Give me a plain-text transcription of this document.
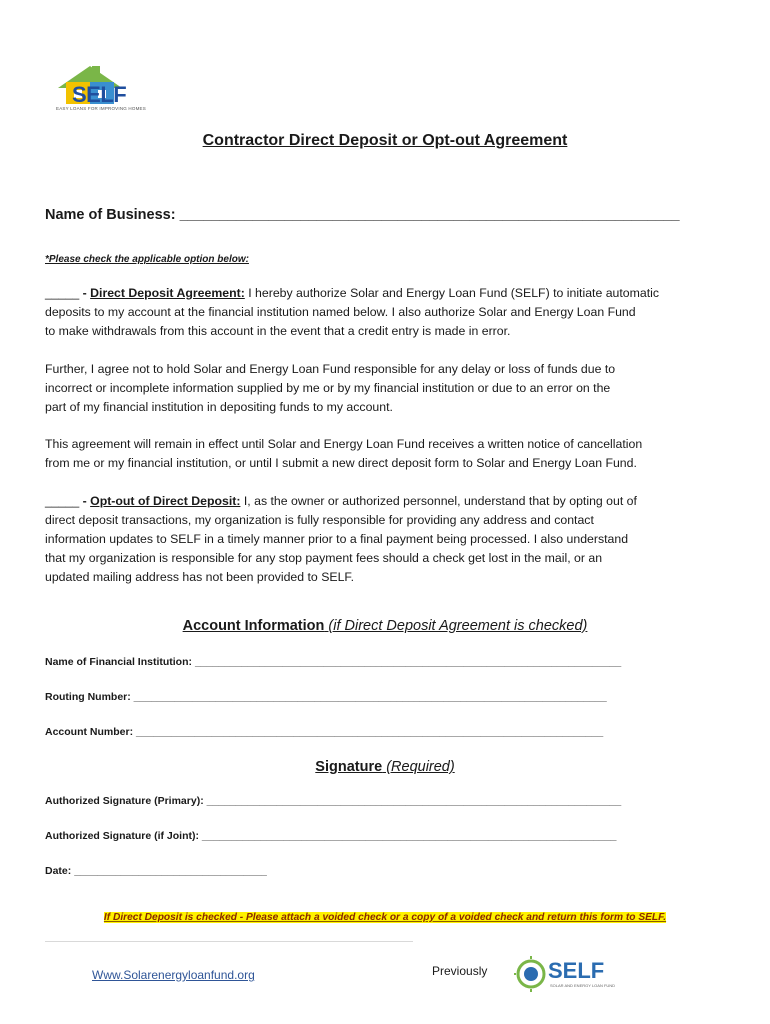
SELF
EASY LOANS FOR IMPROVING HOMES
Contractor Direct Deposit or Opt-out Agreement
Name of Business: ______________________________________________________________
*Please check the applicable option below:
_____ - Direct Deposit Agreement: I hereby authorize Solar and Energy Loan Fund (SELF) to initiate automatic
deposits to my account at the financial institution named below. I also authorize Solar and Energy Loan Fund
to make withdrawals from this account in the event that a credit entry is made in error.
Further, I agree not to hold Solar and Energy Loan Fund responsible for any delay or loss of funds due to
incorrect or incomplete information supplied by me or by my financial institution or due to an error on the
part of my financial institution in depositing funds to my account.
This agreement will remain in effect until Solar and Energy Loan Fund receives a written notice of cancellation
from me or my financial institution, or until I submit a new direct deposit form to Solar and Energy Loan Fund.
_____ - Opt-out of Direct Deposit: I, as the owner or authorized personnel, understand that by opting out of
direct deposit transactions, my organization is fully responsible for providing any address and contact
information updates to SELF in a timely manner prior to a final payment being processed. I also understand
that my organization is responsible for any stop payment fees should a check get lost in the mail, or an
updated mailing address has not been provided to SELF.
Account Information (if Direct Deposit Agreement is checked)
Name of Financial Institution: _________________________________________________________________________
Routing Number: _________________________________________________________________________________
Account Number: ________________________________________________________________________________
Signature (Required)
Authorized Signature (Primary): _______________________________________________________________________
Authorized Signature (if Joint): _______________________________________________________________________
Date: _________________________________
If Direct Deposit is checked - Please attach a voided check or a copy of a voided check and return this form to SELF.
Www.Solarenergyloanfund.org	Previously	SELF
SOLAR AND ENERGY LOAN FUND
